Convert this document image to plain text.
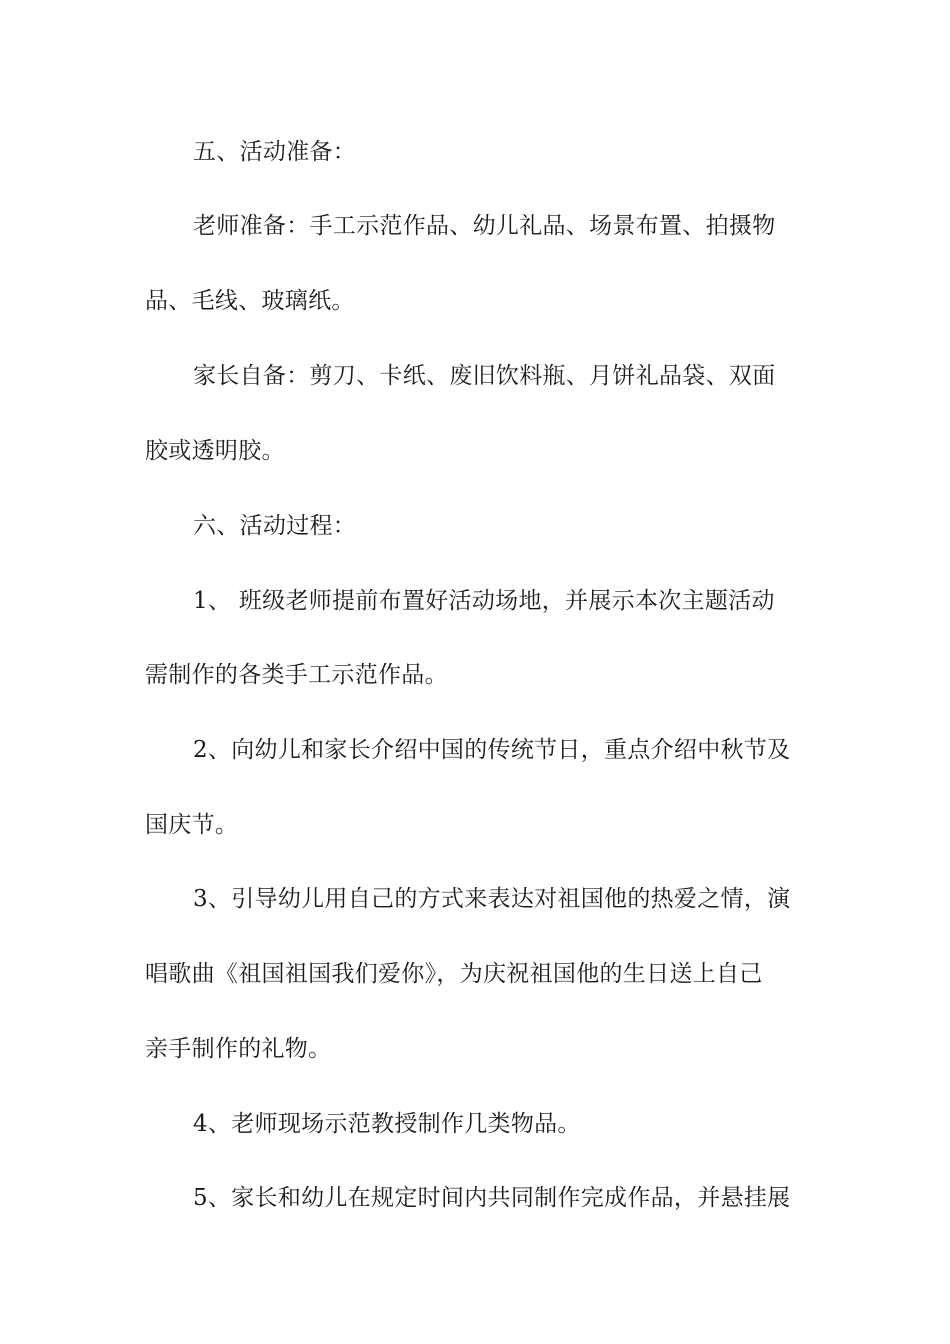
五、活动准备：
老师准备：手工示范作品、幼儿礼品、场景布置、拍摄物
品、毛线、玻璃纸。
家长自备：剪刀、卡纸、废旧饮料瓶、月饼礼品袋、双面
胶或透明胶。
六、活动过程：
1、 班级老师提前布置好活动场地，并展示本次主题活动
需制作的各类手工示范作品。
2、向幼儿和家长介绍中国的传统节日，重点介绍中秋节及
国庆节。
3、引导幼儿用自己的方式来表达对祖国他的热爱之情，演
唱歌曲《祖国祖国我们爱你》，为庆祝祖国他的生日送上自己
亲手制作的礼物。
4、老师现场示范教授制作几类物品。
5、家长和幼儿在规定时间内共同制作完成作品，并悬挂展
